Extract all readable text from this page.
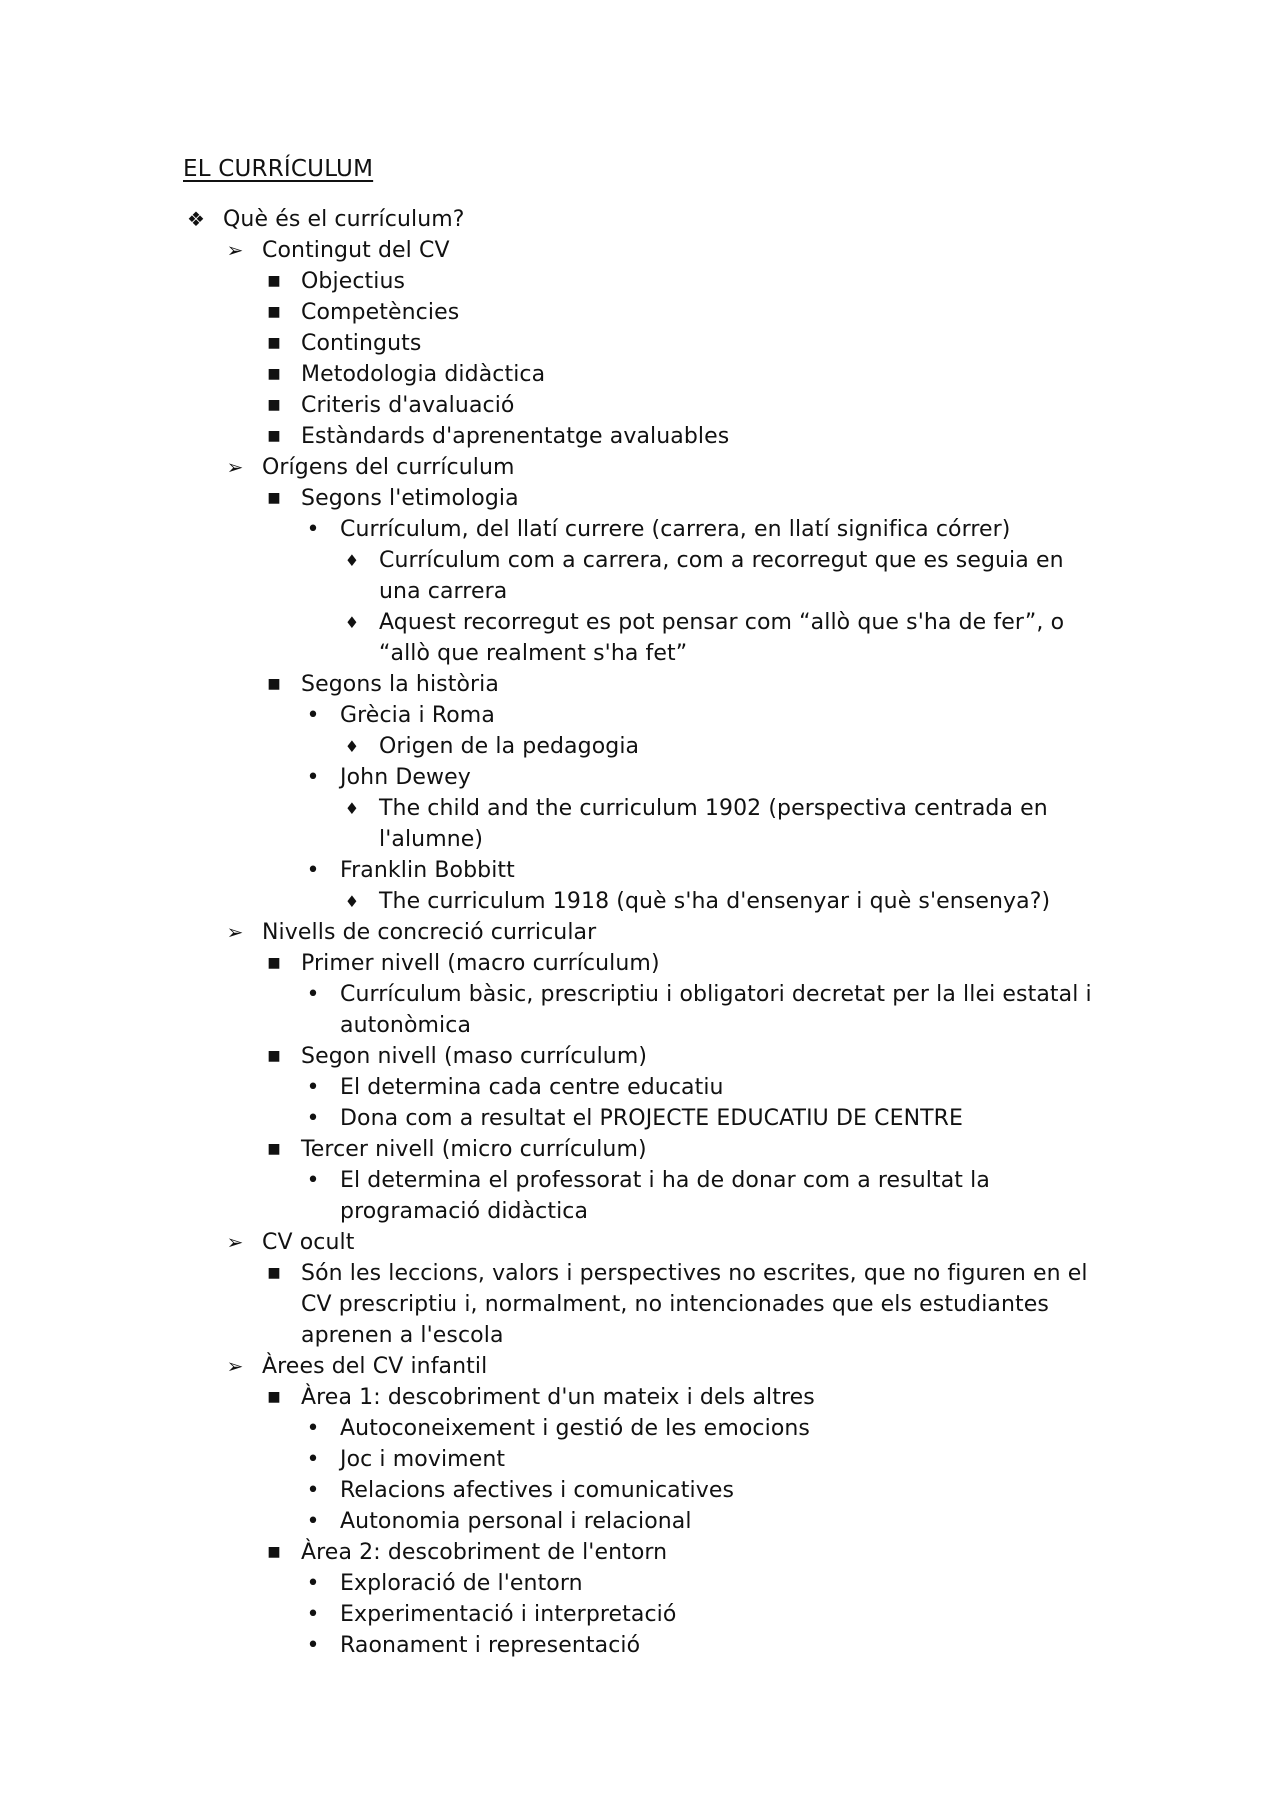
EL CURRÍCULUM
❖ Què és el currículum?
➢ Contingut del CV
■ Objectius
■ Competències
■ Continguts
■ Metodologia didàctica
■ Criteris d'avaluació
■ Estàndards d'aprenentatge avaluables
➢ Orígens del currículum
■ Segons l'etimologia
• Currículum, del llatí currere (carrera, en llatí significa córrer)
♦ Currículum com a carrera, com a recorregut que es seguia en una carrera
♦ Aquest recorregut es pot pensar com “allò que s'ha de fer”, o “allò que realment s'ha fet”
■ Segons la història
• Grècia i Roma
♦ Origen de la pedagogia
• John Dewey
♦ The child and the curriculum 1902 (perspectiva centrada en l'alumne)
• Franklin Bobbitt
♦ The curriculum 1918 (què s'ha d'ensenyar i què s'ensenya?)
➢ Nivells de concreció curricular
■ Primer nivell (macro currículum)
• Currículum bàsic, prescriptiu i obligatori decretat per la llei estatal i autonòmica
■ Segon nivell (maso currículum)
• El determina cada centre educatiu
• Dona com a resultat el PROJECTE EDUCATIU DE CENTRE
■ Tercer nivell (micro currículum)
• El determina el professorat i ha de donar com a resultat la programació didàctica
➢ CV ocult
■ Són les leccions, valors i perspectives no escrites, que no figuren en el CV prescriptiu i, normalment, no intencionades que els estudiantes aprenen a l'escola
➢ Àrees del CV infantil
■ Àrea 1: descobriment d'un mateix i dels altres
• Autoconeixement i gestió de les emocions
• Joc i moviment
• Relacions afectives i comunicatives
• Autonomia personal i relacional
■ Àrea 2: descobriment de l'entorn
• Exploració de l'entorn
• Experimentació i interpretació
• Raonament i representació
